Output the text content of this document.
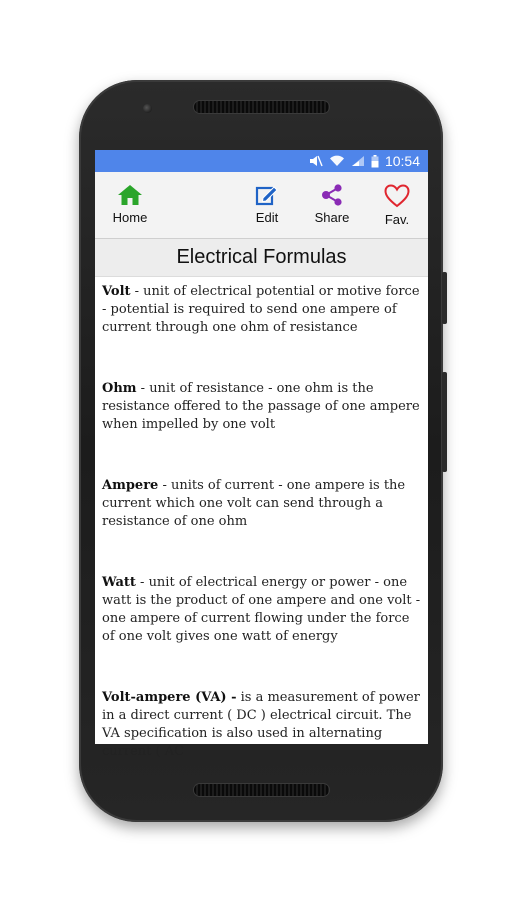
10:54
Home	Edit	Share	Fav.
Electrical Formulas

Volt - unit of electrical potential or motive force - potential is required to send one ampere of current through one ohm of resistance

Ohm - unit of resistance - one ohm is the resistance offered to the passage of one ampere when impelled by one volt

Ampere - units of current - one ampere is the current which one volt can send through a resistance of one ohm

Watt - unit of electrical energy or power - one watt is the product of one ampere and one volt - one ampere of current flowing under the force of one volt gives one watt of energy

Volt-ampere (VA) - is a measurement of power in a direct current ( DC ) electrical circuit. The VA specification is also used in alternating current ( AC
